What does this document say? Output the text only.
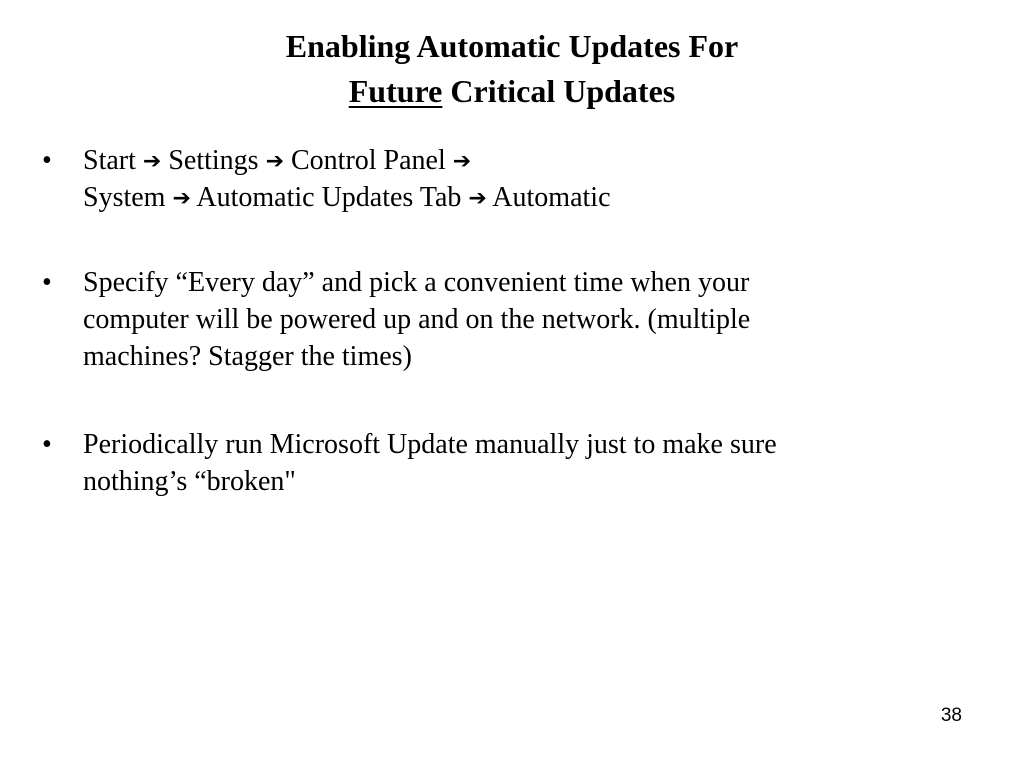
Enabling Automatic Updates For
Future Critical Updates
• Start ➔ Settings ➔ Control Panel ➔
System ➔ Automatic Updates Tab ➔ Automatic
• Specify “Every day” and pick a convenient time when your
computer will be powered up and on the network. (multiple
machines? Stagger the times)
• Periodically run Microsoft Update manually just to make sure
nothing’s “broken"
38
